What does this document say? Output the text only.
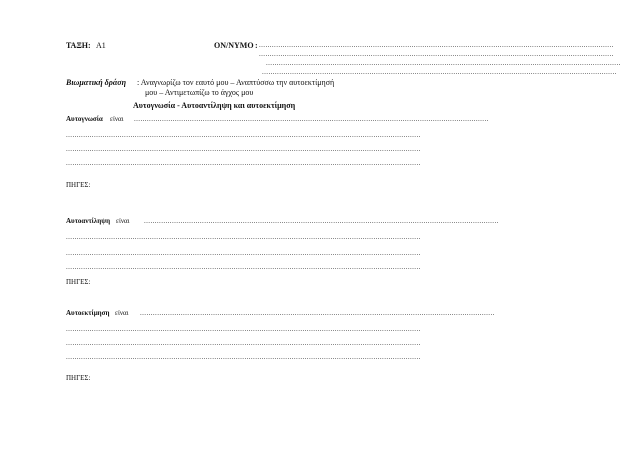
ΤΑΞΗ: Α1	ΟΝ/ΝΥΜΟ : .....................................................................................................................................................................
.....................................................................................................................................................................
.....................................................................................................................................................................
.....................................................................................................................................................................
Βιωματική δράση : Αναγνωρίζω τον εαυτό μου – Αναπτύσσω την αυτοεκτίμησή
μου – Αντιμετωπίζω το άγχος μου
Αυτογνωσία - Αυτοαντίληψη και αυτοεκτίμηση
Αυτογνωσία είναι .....................................................................................................................................................................
.....................................................................................................................................................................
.....................................................................................................................................................................
.....................................................................................................................................................................
ΠΗΓΕΣ:
Αυτοαντίληψη είναι .....................................................................................................................................................................
.....................................................................................................................................................................
.....................................................................................................................................................................
.....................................................................................................................................................................
ΠΗΓΕΣ:
Αυτοεκτίμηση είναι .....................................................................................................................................................................
.....................................................................................................................................................................
.....................................................................................................................................................................
.....................................................................................................................................................................
ΠΗΓΕΣ:
